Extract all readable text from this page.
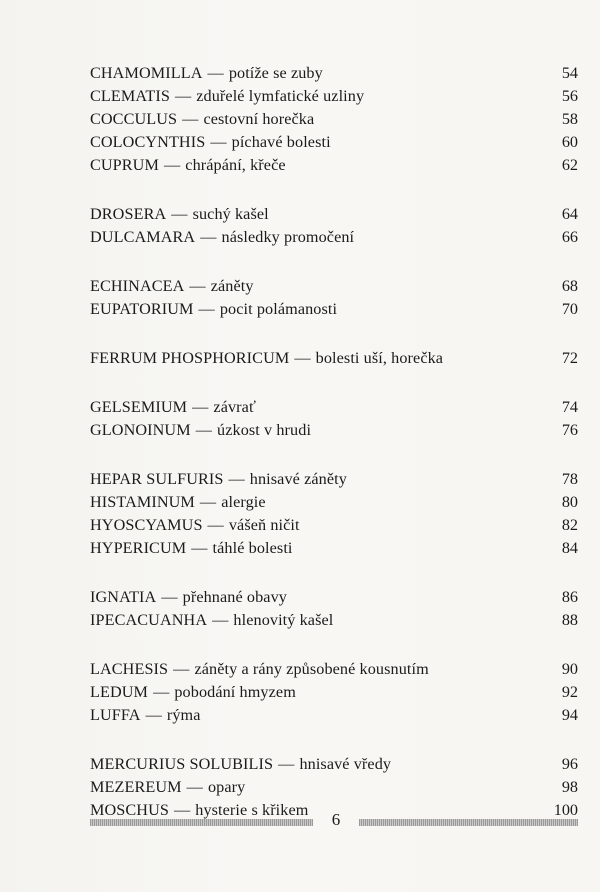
CHAMOMILLA — potíže se zuby	54
CLEMATIS — zduřelé lymfatické uzliny	56
COCCULUS — cestovní horečka	58
COLOCYNTHIS — píchavé bolesti	60
CUPRUM — chrápání, křeče	62
DROSERA — suchý kašel	64
DULCAMARA — následky promočení	66
ECHINACEA — záněty	68
EUPATORIUM — pocit polámanosti	70
FERRUM PHOSPHORICUM — bolesti uší, horečka	72
GELSEMIUM — závrať	74
GLONOINUM — úzkost v hrudi	76
HEPAR SULFURIS — hnisavé záněty	78
HISTAMINUM — alergie	80
HYOSCYAMUS — vášeň ničit	82
HYPERICUM — táhlé bolesti	84
IGNATIA — přehnané obavy	86
IPECACUANHA — hlenovitý kašel	88
LACHESIS — záněty a rány způsobené kousnutím	90
LEDUM — pobodání hmyzem	92
LUFFA — rýma	94
MERCURIUS SOLUBILIS — hnisavé vředy	96
MEZEREUM — opary	98
MOSCHUS — hysterie s křikem	100
6
